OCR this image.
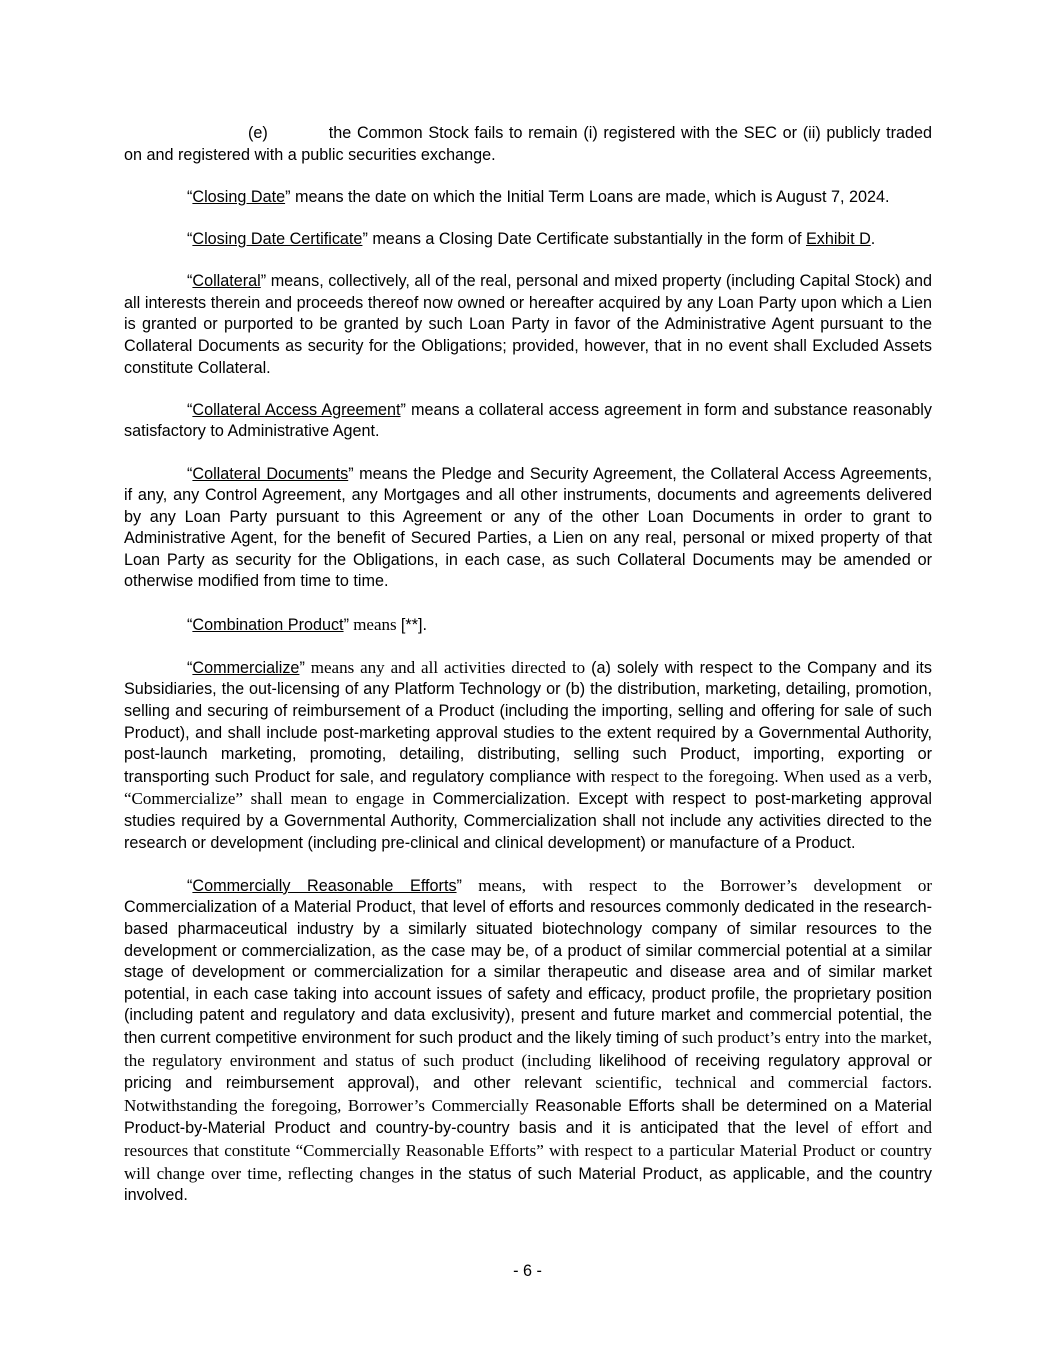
(e)	the Common Stock fails to remain (i) registered with the SEC or (ii) publicly traded on and registered with a public securities exchange.

“Closing Date” means the date on which the Initial Term Loans are made, which is August 7, 2024.

“Closing Date Certificate” means a Closing Date Certificate substantially in the form of Exhibit D.

“Collateral” means, collectively, all of the real, personal and mixed property (including Capital Stock) and all interests therein and proceeds thereof now owned or hereafter acquired by any Loan Party upon which a Lien is granted or purported to be granted by such Loan Party in favor of the Administrative Agent pursuant to the Collateral Documents as security for the Obligations; provided, however, that in no event shall Excluded Assets constitute Collateral.

“Collateral Access Agreement” means a collateral access agreement in form and substance reasonably satisfactory to Administrative Agent.

“Collateral Documents” means the Pledge and Security Agreement, the Collateral Access Agreements, if any, any Control Agreement, any Mortgages and all other instruments, documents and agreements delivered by any Loan Party pursuant to this Agreement or any of the other Loan Documents in order to grant to Administrative Agent, for the benefit of Secured Parties, a Lien on any real, personal or mixed property of that Loan Party as security for the Obligations, in each case, as such Collateral Documents may be amended or otherwise modified from time to time.

“Combination Product” means [**].

“Commercialize” means any and all activities directed to (a) solely with respect to the Company and its Subsidiaries, the out-licensing of any Platform Technology or (b) the distribution, marketing, detailing, promotion, selling and securing of reimbursement of a Product (including the importing, selling and offering for sale of such Product), and shall include post-marketing approval studies to the extent required by a Governmental Authority, post-launch marketing, promoting, detailing, distributing, selling such Product, importing, exporting or transporting such Product for sale, and regulatory compliance with respect to the foregoing. When used as a verb, “Commercialize” shall mean to engage in Commercialization. Except with respect to post-marketing approval studies required by a Governmental Authority, Commercialization shall not include any activities directed to the research or development (including pre-clinical and clinical development) or manufacture of a Product.

“Commercially Reasonable Efforts” means, with respect to the Borrower’s development or Commercialization of a Material Product, that level of efforts and resources commonly dedicated in the research-based pharmaceutical industry by a similarly situated biotechnology company of similar resources to the development or commercialization, as the case may be, of a product of similar commercial potential at a similar stage of development or commercialization for a similar therapeutic and disease area and of similar market potential, in each case taking into account issues of safety and efficacy, product profile, the proprietary position (including patent and regulatory and data exclusivity), present and future market and commercial potential, the then current competitive environment for such product and the likely timing of such product’s entry into the market, the regulatory environment and status of such product (including likelihood of receiving regulatory approval or pricing and reimbursement approval), and other relevant scientific, technical and commercial factors. Notwithstanding the foregoing, Borrower’s Commercially Reasonable Efforts shall be determined on a Material Product-by-Material Product and country-by-country basis and it is anticipated that the level of effort and resources that constitute “Commercially Reasonable Efforts” with respect to a particular Material Product or country will change over time, reflecting changes in the status of such Material Product, as applicable, and the country involved.

- 6 -
